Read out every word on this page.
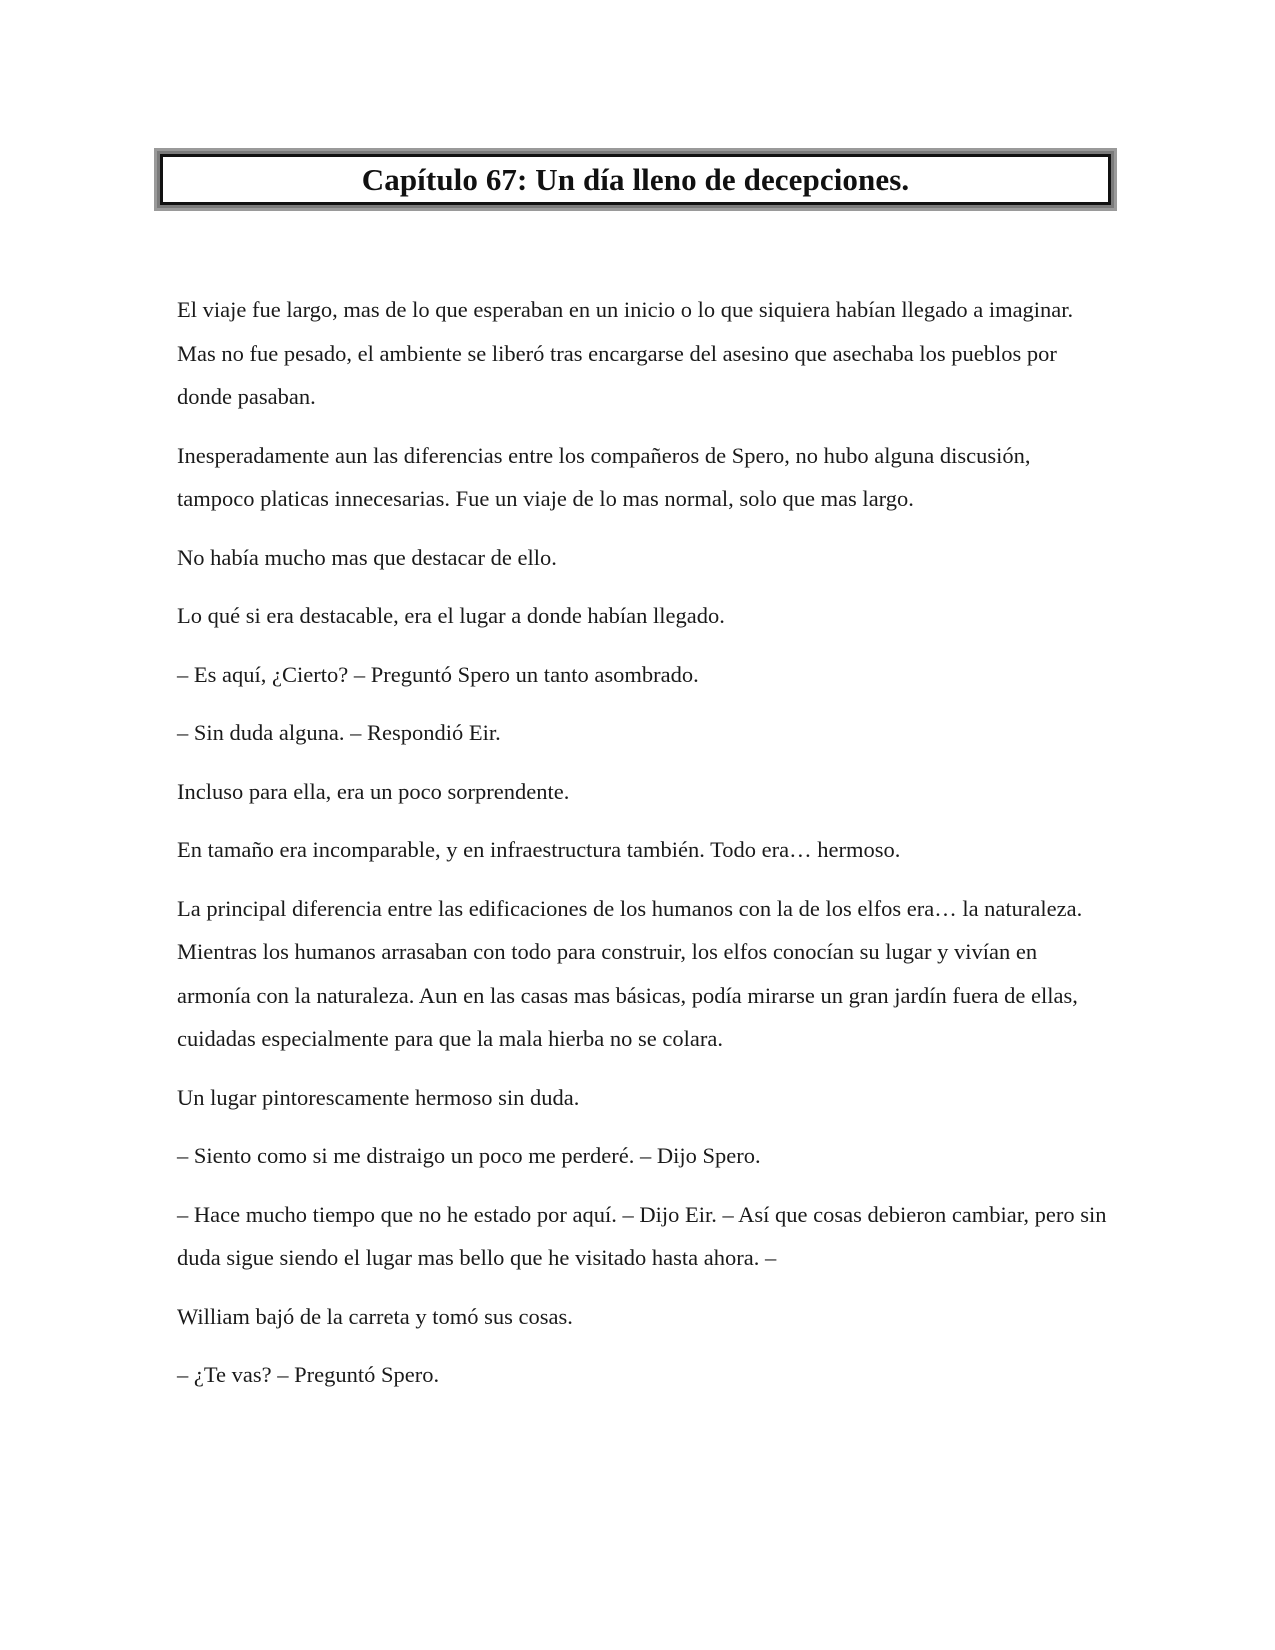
Capítulo 67: Un día lleno de decepciones.

El viaje fue largo, mas de lo que esperaban en un inicio o lo que siquiera habían llegado a imaginar. Mas no fue pesado, el ambiente se liberó tras encargarse del asesino que asechaba los pueblos por donde pasaban.

Inesperadamente aun las diferencias entre los compañeros de Spero, no hubo alguna discusión, tampoco platicas innecesarias. Fue un viaje de lo mas normal, solo que mas largo.

No había mucho mas que destacar de ello.

Lo qué si era destacable, era el lugar a donde habían llegado.

– Es aquí, ¿Cierto? – Preguntó Spero un tanto asombrado.

– Sin duda alguna. – Respondió Eir.

Incluso para ella, era un poco sorprendente.

En tamaño era incomparable, y en infraestructura también. Todo era… hermoso.

La principal diferencia entre las edificaciones de los humanos con la de los elfos era… la naturaleza. Mientras los humanos arrasaban con todo para construir, los elfos conocían su lugar y vivían en armonía con la naturaleza. Aun en las casas mas básicas, podía mirarse un gran jardín fuera de ellas, cuidadas especialmente para que la mala hierba no se colara.

Un lugar pintorescamente hermoso sin duda.

– Siento como si me distraigo un poco me perderé. – Dijo Spero.

– Hace mucho tiempo que no he estado por aquí. – Dijo Eir. – Así que cosas debieron cambiar, pero sin duda sigue siendo el lugar mas bello que he visitado hasta ahora. –

William bajó de la carreta y tomó sus cosas.

– ¿Te vas? – Preguntó Spero.
